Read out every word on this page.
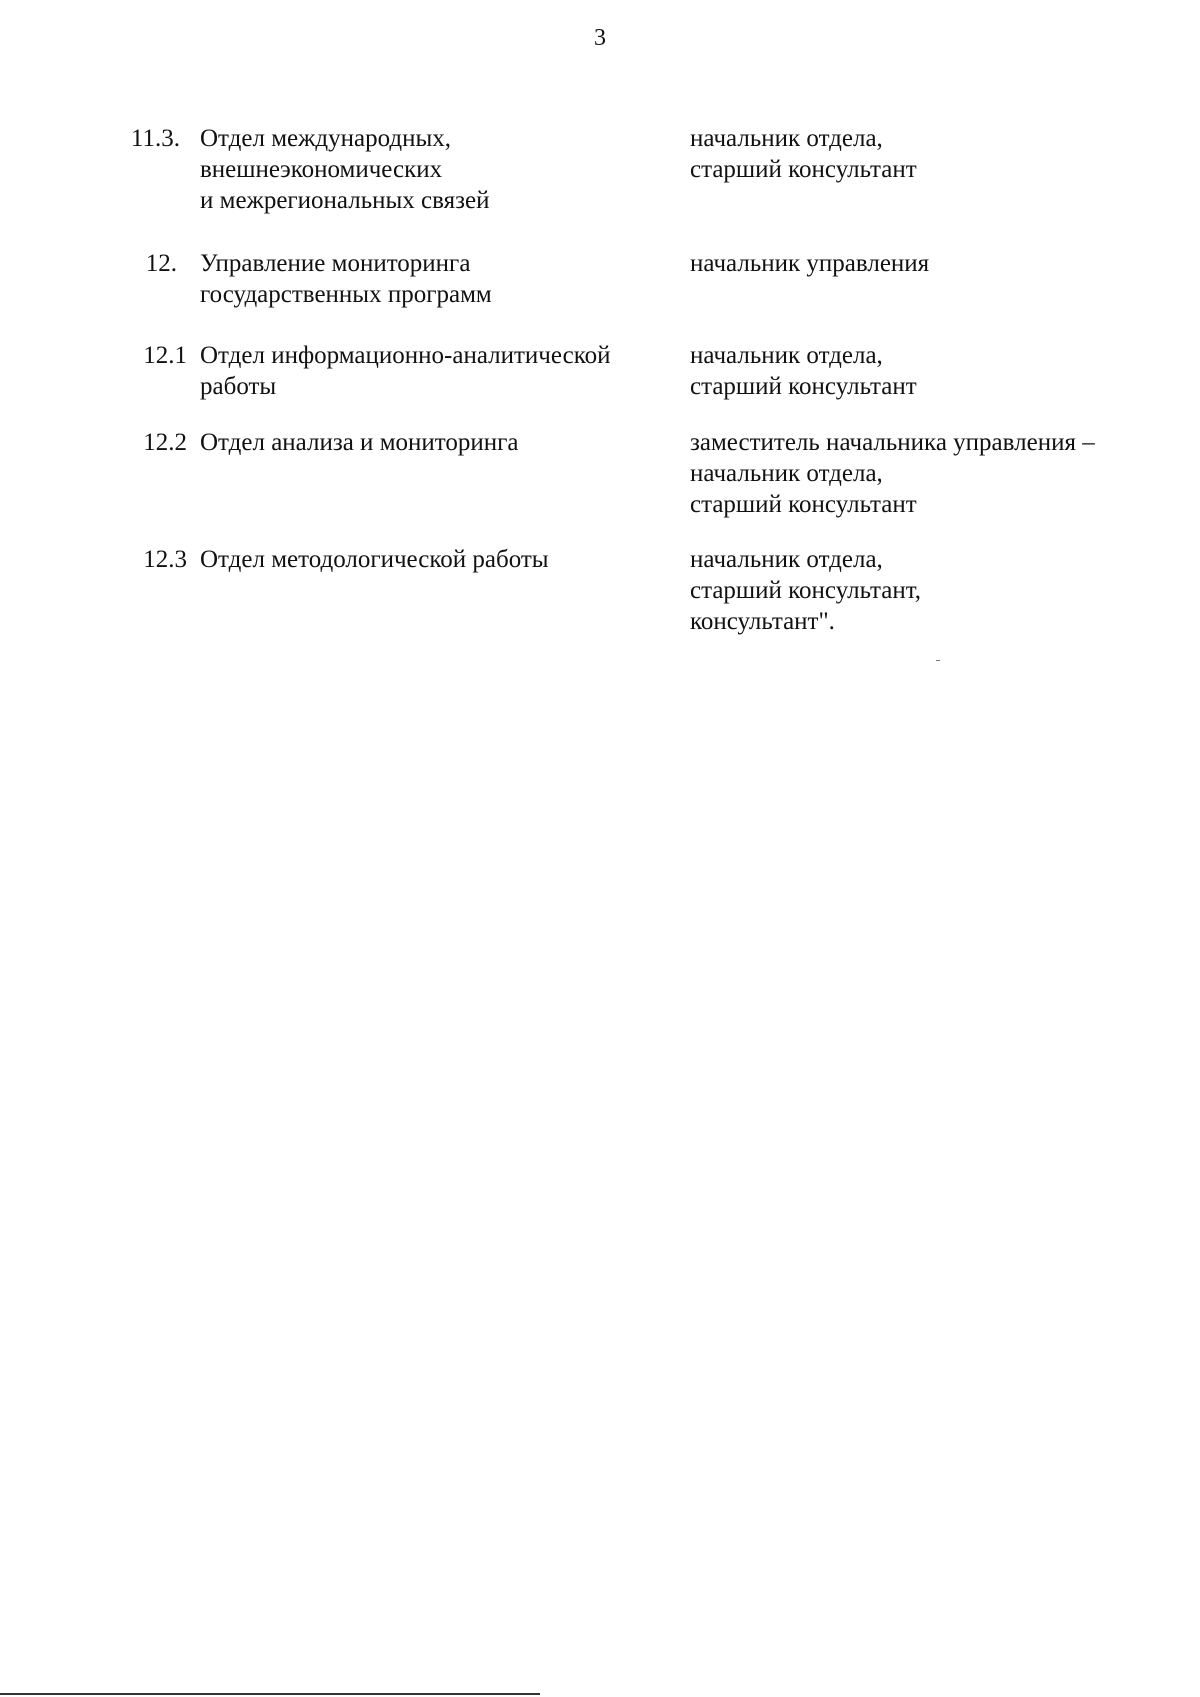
3
11.3. Отдел международных,
внешнеэкономических
и межрегиональных связей
начальник отдела,
старший консультант
12. Управление мониторинга
государственных программ
начальник управления
12.1 Отдел информационно-аналитической
работы
начальник отдела,
старший консультант
12.2 Отдел анализа и мониторинга	заместитель начальника управления –
начальник отдела,
старший консультант
12.3 Отдел методологической работы	начальник отдела,
старший консультант,
консультант".
